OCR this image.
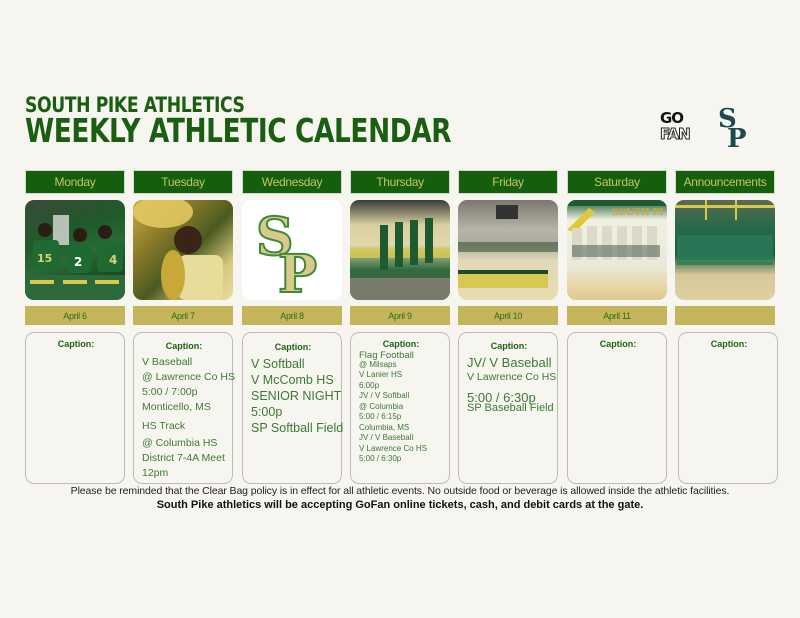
SOUTH PIKE ATHLETICS
WEEKLY ATHLETIC CALENDAR	GO
FAN	S
P
Monday
15 2 4
April 6
Caption:
Tuesday
April 7
Caption:
V Baseball
@ Lawrence Co HS
5:00 / 7:00p
Monticello, MS
HS Track
@ Columbia HS
District 7-4A Meet
12pm
Wednesday
S
P
April 8
Caption:
V Softball
V McComb HS
SENIOR NIGHT
5:00p
SP Softball Field
Thursday
April 9
Caption:
Flag Football
@ Milsaps
V Lanier HS
6:00p
JV / V Softball
@ Columbia
5:00 / 6:15p
Columbia, MS
JV / V Baseball
V Lawrence Co HS
5:00 / 6:30p
Friday
April 10
Caption:
JV/ V Baseball
V Lawrence Co HS
5:00 / 6:30p
SP Baseball Field
Saturday
SOUTH PI
April 11
Caption:
Announcements
Caption:
Please be reminded that the Clear Bag policy is in effect for all athletic events. No outside food or beverage is allowed inside the athletic facilities.
South Pike athletics will be accepting GoFan online tickets, cash, and debit cards at the gate.
